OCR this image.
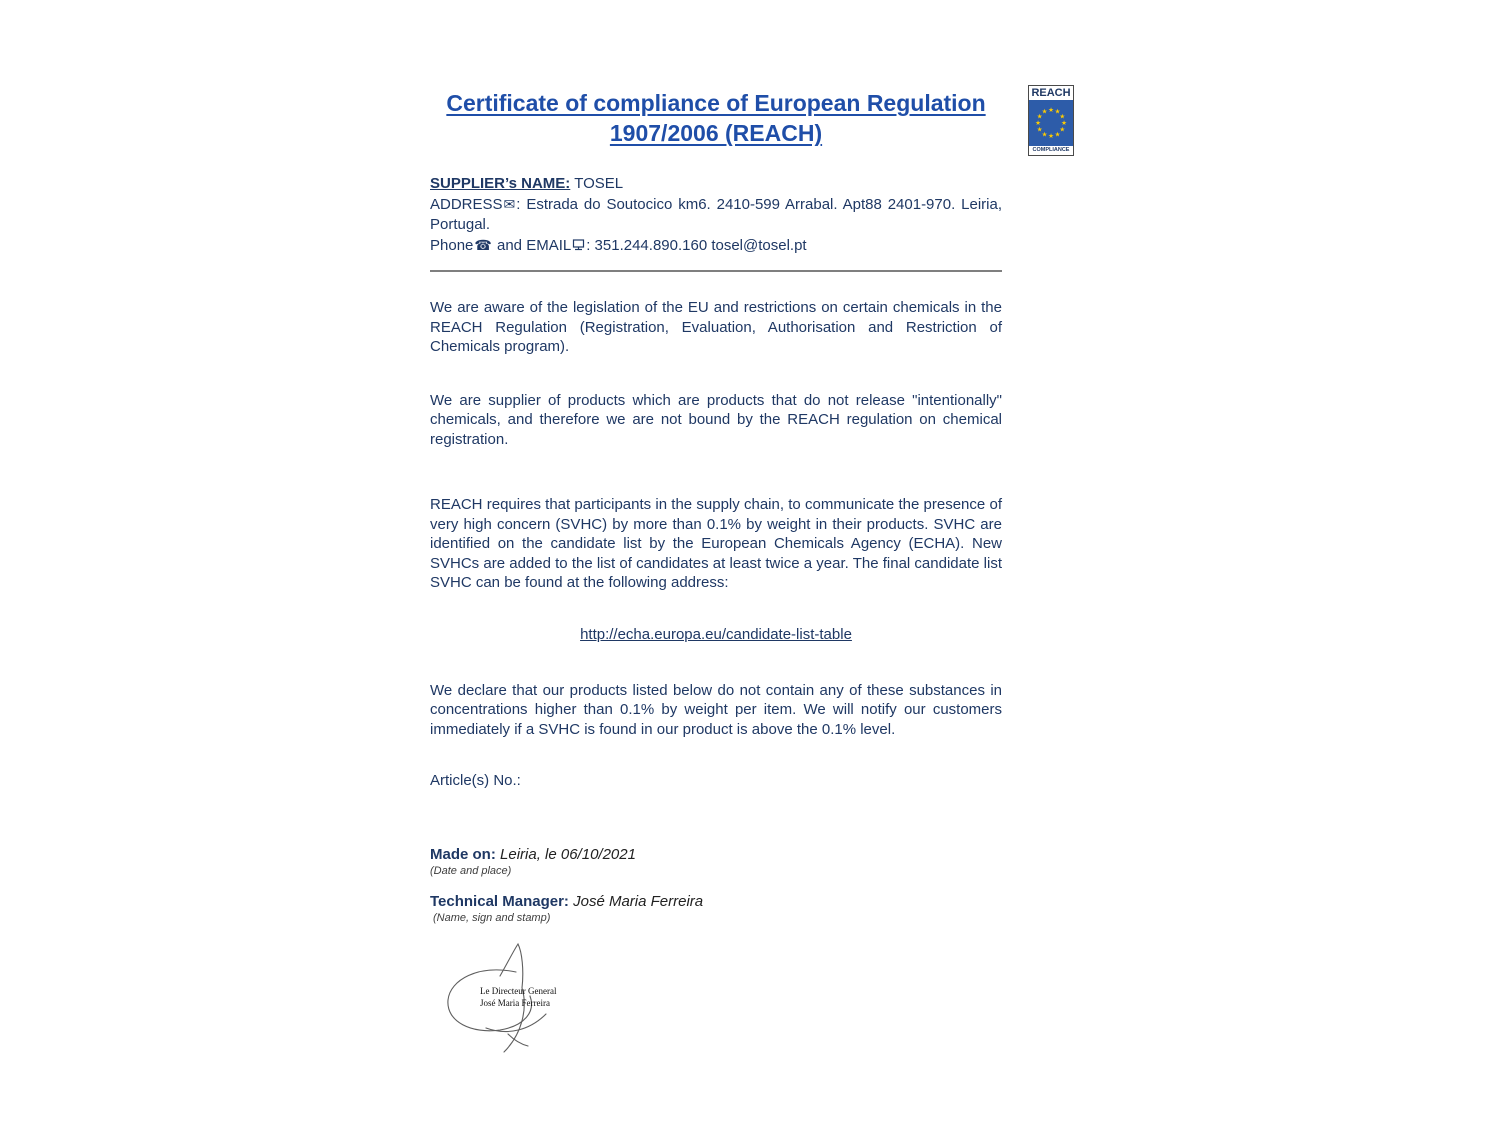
REACH
★
★
★
★
★
★
★
★
★ ★ ★
★
COMPLIANCE
Certificate of compliance of European Regulation
1907/2006 (REACH)

SUPPLIER’s NAME: TOSEL

ADDRESS✉: Estrada do Soutocico km6. 2410-599 Arrabal. Apt88 2401-970. Leiria, Portugal.

Phone☎ and EMAIL : 351.244.890.160 tosel@tosel.pt

We are aware of the legislation of the EU and restrictions on certain chemicals in the REACH Regulation (Registration, Evaluation, Authorisation and Restriction of Chemicals program).

We are supplier of products which are products that do not release "intentionally" chemicals, and therefore we are not bound by the REACH regulation on chemical registration.

REACH requires that participants in the supply chain, to communicate the presence of very high concern (SVHC) by more than 0.1% by weight in their products. SVHC are identified on the candidate list by the European Chemicals Agency (ECHA). New SVHCs are added to the list of candidates at least twice a year. The final candidate list SVHC can be found at the following address:

http://echa.europa.eu/candidate-list-table

We declare that our products listed below do not contain any of these substances in concentrations higher than 0.1% by weight per item. We will notify our customers immediately if a SVHC is found in our product is above the 0.1% level.

Article(s) No.:

Made on: Leiria, le 06/10/2021

(Date and place)

Technical Manager: José Maria Ferreira

(Name, sign and stamp)

Le Directeur General
José Maria Ferreira
